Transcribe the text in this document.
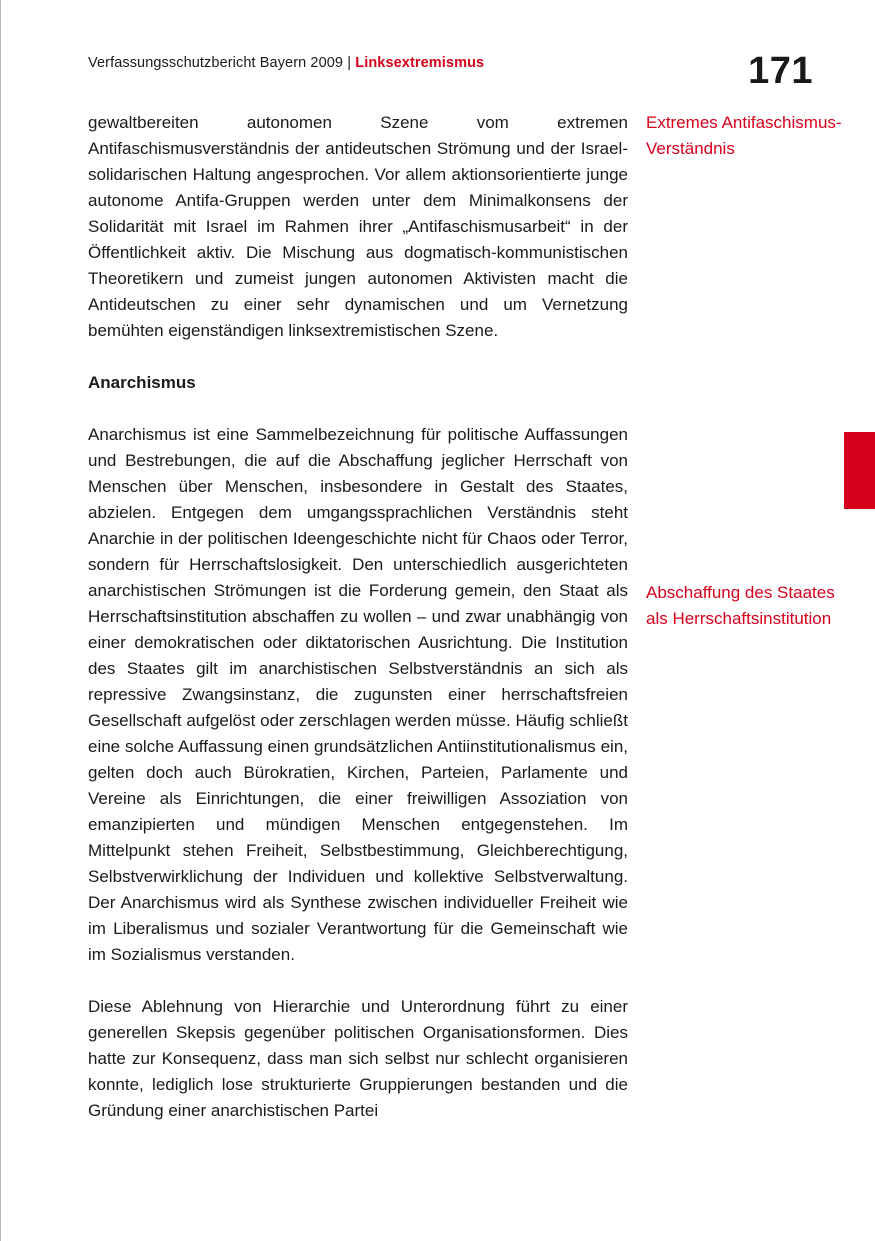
Verfassungsschutzbericht Bayern 2009 | Linksextremismus	171

gewaltbereiten autonomen Szene vom extremen Antifaschismusverständnis der antideutschen Strömung und der Israel-solidarischen Haltung angesprochen. Vor allem aktionsorientierte junge autonome Antifa-Gruppen werden unter dem Minimalkonsens der Solidarität mit Israel im Rahmen ihrer „Antifaschismusarbeit“ in der Öffentlichkeit aktiv. Die Mischung aus dogmatisch-kommunistischen Theoretikern und zumeist jungen autonomen Aktivisten macht die Antideutschen zu einer sehr dynamischen und um Vernetzung bemühten eigenständigen linksextremistischen Szene.

Anarchismus

Anarchismus ist eine Sammelbezeichnung für politische Auffassungen und Bestrebungen, die auf die Abschaffung jeglicher Herrschaft von Menschen über Menschen, insbesondere in Gestalt des Staates, abzielen. Entgegen dem umgangssprachlichen Verständnis steht Anarchie in der politischen Ideengeschichte nicht für Chaos oder Terror, sondern für Herrschaftslosigkeit. Den unterschiedlich ausgerichteten anarchistischen Strömungen ist die Forderung gemein, den Staat als Herrschaftsinstitution abschaffen zu wollen – und zwar unabhängig von einer demokratischen oder diktatorischen Ausrichtung. Die Institution des Staates gilt im anarchistischen Selbstverständnis an sich als repressive Zwangsinstanz, die zugunsten einer herrschaftsfreien Gesellschaft aufgelöst oder zerschlagen werden müsse. Häufig schließt eine solche Auffassung einen grundsätzlichen Antiinstitutionalismus ein, gelten doch auch Bürokratien, Kirchen, Parteien, Parlamente und Vereine als Einrichtungen, die einer freiwilligen Assoziation von emanzipierten und mündigen Menschen entgegenstehen. Im Mittelpunkt stehen Freiheit, Selbstbestimmung, Gleichberechtigung, Selbstverwirklichung der Individuen und kollektive Selbstverwaltung. Der Anarchismus wird als Synthese zwischen individueller Freiheit wie im Liberalismus und sozialer Verantwortung für die Gemeinschaft wie im Sozialismus verstanden.

Diese Ablehnung von Hierarchie und Unterordnung führt zu einer generellen Skepsis gegenüber politischen Organisationsformen. Dies hatte zur Konsequenz, dass man sich selbst nur schlecht organisieren konnte, lediglich lose strukturierte Gruppierungen bestanden und die Gründung einer anarchistischen Partei

Extremes Antifaschismus-Verständnis
Abschaffung des Staates als Herrschaftsinstitution
